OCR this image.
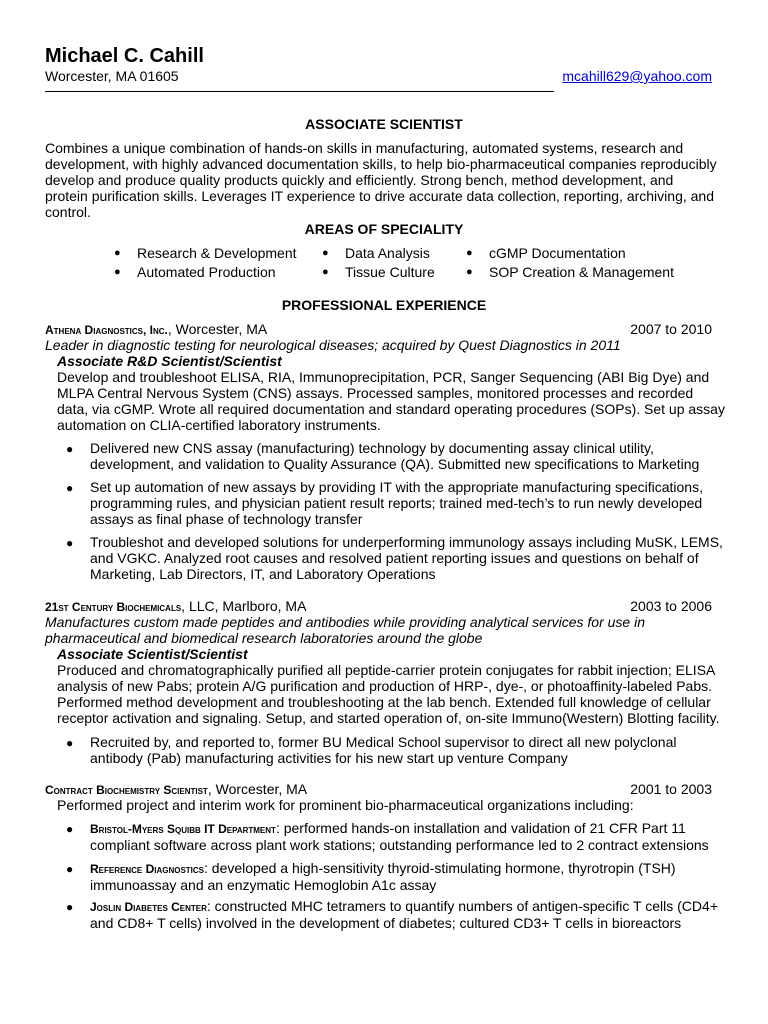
Michael C. Cahill
Worcester, MA 01605	mcahill629@yahoo.com
ASSOCIATE SCIENTIST
Combines a unique combination of hands-on skills in manufacturing, automated systems, research and development, with highly advanced documentation skills, to help bio-pharmaceutical companies reproducibly develop and produce quality products quickly and efficiently. Strong bench, method development, and protein purification skills. Leverages IT experience to drive accurate data collection, reporting, archiving, and control.
AREAS OF SPECIALITY
● Research & Development
● Automated Production
● Data Analysis
● Tissue Culture
● cGMP Documentation
● SOP Creation & Management
PROFESSIONAL EXPERIENCE
Athena Diagnostics, Inc., Worcester, MA	2007 to 2010
Leader in diagnostic testing for neurological diseases; acquired by Quest Diagnostics in 2011
Associate R&D Scientist/Scientist
Develop and troubleshoot ELISA, RIA, Immunoprecipitation, PCR, Sanger Sequencing (ABI Big Dye) and MLPA Central Nervous System (CNS) assays. Processed samples, monitored processes and recorded data, via cGMP. Wrote all required documentation and standard operating procedures (SOPs). Set up assay automation on CLIA-certified laboratory instruments.
● Delivered new CNS assay (manufacturing) technology by documenting assay clinical utility, development, and validation to Quality Assurance (QA). Submitted new specifications to Marketing
● Set up automation of new assays by providing IT with the appropriate manufacturing specifications, programming rules, and physician patient result reports; trained med-tech’s to run newly developed assays as final phase of technology transfer
● Troubleshot and developed solutions for underperforming immunology assays including MuSK, LEMS, and VGKC. Analyzed root causes and resolved patient reporting issues and questions on behalf of Marketing, Lab Directors, IT, and Laboratory Operations
21st Century Biochemicals, LLC, Marlboro, MA	2003 to 2006
Manufactures custom made peptides and antibodies while providing analytical services for use in pharmaceutical and biomedical research laboratories around the globe
Associate Scientist/Scientist
Produced and chromatographically purified all peptide-carrier protein conjugates for rabbit injection; ELISA analysis of new Pabs; protein A/G purification and production of HRP-, dye-, or photoaffinity-labeled Pabs. Performed method development and troubleshooting at the lab bench. Extended full knowledge of cellular receptor activation and signaling. Setup, and started operation of, on-site Immuno(Western) Blotting facility.
● Recruited by, and reported to, former BU Medical School supervisor to direct all new polyclonal antibody (Pab) manufacturing activities for his new start up venture Company
Contract Biochemistry Scientist, Worcester, MA	2001 to 2003
Performed project and interim work for prominent bio-pharmaceutical organizations including:
● Bristol-Myers Squibb IT Department: performed hands-on installation and validation of 21 CFR Part 11 compliant software across plant work stations; outstanding performance led to 2 contract extensions
● Reference Diagnostics: developed a high-sensitivity thyroid-stimulating hormone, thyrotropin (TSH) immunoassay and an enzymatic Hemoglobin A1c assay
● Joslin Diabetes Center: constructed MHC tetramers to quantify numbers of antigen-specific T cells (CD4+ and CD8+ T cells) involved in the development of diabetes; cultured CD3+ T cells in bioreactors
